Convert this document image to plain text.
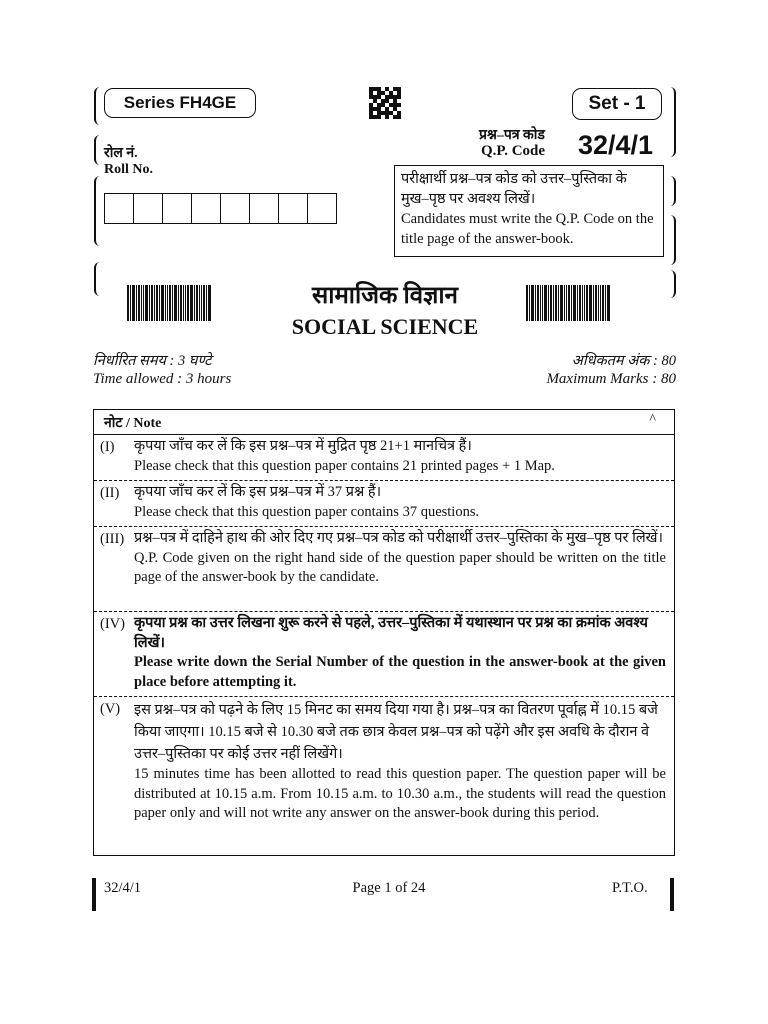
Series FH4GE	Set - 1
प्रश्न–पत्र कोड
Q.P. Code 32/4/1
रोल नं.
Roll No.
परीक्षार्थी प्रश्न–पत्र कोड को उत्तर–पुस्तिका के मुख–पृष्ठ पर अवश्य लिखें।
Candidates must write the Q.P. Code on the title page of the answer-book.
सामाजिक विज्ञान
SOCIAL SCIENCE
निर्धारित समय : 3 घण्टे
Time allowed : 3 hours
अधिकतम अंक : 80
Maximum Marks : 80
नोट / Note	^
(I) कृपया जाँच कर लें कि इस प्रश्न–पत्र में मुद्रित पृष्ठ 21+1 मानचित्र हैं।

Please check that this question paper contains 21 printed pages + 1 Map.

(II) कृपया जाँच कर लें कि इस प्रश्न–पत्र में 37 प्रश्न हैं।

Please check that this question paper contains 37 questions.

(III) प्रश्न–पत्र में दाहिने हाथ की ओर दिए गए प्रश्न–पत्र कोड को परीक्षार्थी उत्तर–पुस्तिका के मुख–पृष्ठ पर लिखें।

Q.P. Code given on the right hand side of the question paper should be written on the title page of the answer-book by the candidate.

(IV) कृपया प्रश्न का उत्तर लिखना शुरू करने से पहले, उत्तर–पुस्तिका में यथास्थान पर प्रश्न का क्रमांक अवश्य लिखें।

Please write down the Serial Number of the question in the answer-book at the given place before attempting it.

(V) इस प्रश्न–पत्र को पढ़ने के लिए 15 मिनट का समय दिया गया है। प्रश्न–पत्र का वितरण पूर्वाह्न में 10.15 बजे किया जाएगा। 10.15 बजे से 10.30 बजे तक छात्र केवल प्रश्न–पत्र को पढ़ेंगे और इस अवधि के दौरान वे उत्तर–पुस्तिका पर कोई उत्तर नहीं लिखेंगे।

15 minutes time has been allotted to read this question paper. The question paper will be distributed at 10.15 a.m. From 10.15 a.m. to 10.30 a.m., the students will read the question paper only and will not write any answer on the answer-book during this period.

32/4/1	Page 1 of 24	P.T.O.
